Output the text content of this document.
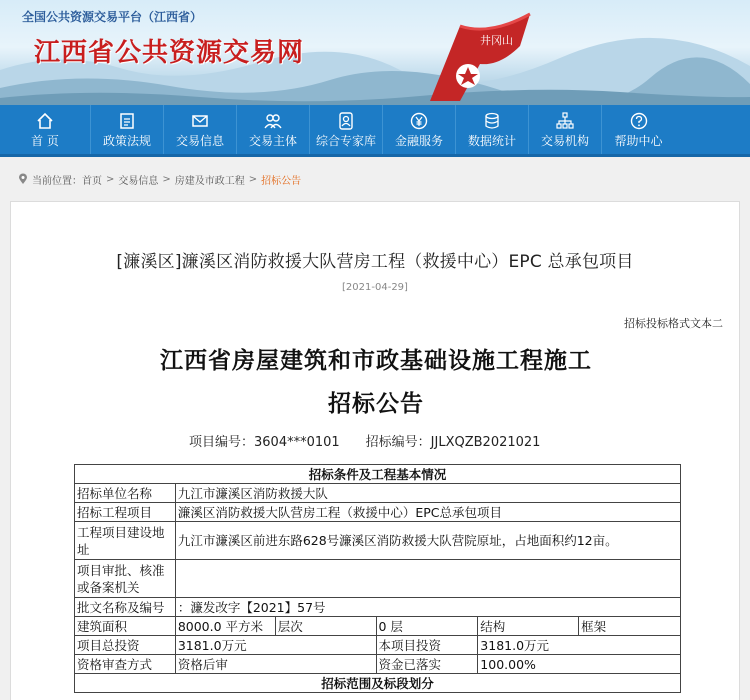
全国公共资源交易平台（江西省）
江西省公共资源交易网	井冈山
首 页	政策法规 交易信息 交易主体 综合专家库 金融服务 数据统计 交易机构 帮助中心
当前位置： 首页 > 交易信息 > 房建及市政工程 > 招标公告
[濂溪区]濂溪区消防救援大队营房工程（救援中心）EPC 总承包项目
[2021-04-29]
招标投标格式文本二
江西省房屋建筑和市政基础设施工程施工
招标公告
项目编号：3604***0101 招标编号：JJLXQZB2021021
招标条件及工程基本情况					
招标单位名称	九江市濂溪区消防救援大队				
招标工程项目	濂溪区消防救援大队营房工程（救援中心）EPC总承包项目				
工程项目建设地址	九江市濂溪区前进东路628号濂溪区消防救援大队营院原址，占地面积约12亩。				
项目审批、核准或备案机关					
批文名称及编号	：濂发改字【2021】57号				
建筑面积	8000.0 平方米	层次	0 层	结构	框架
项目总投资	3181.0万元		本项目投资	3181.0万元	
资格审查方式	资格后审		资金已落实	100.00%	
招标范围及标段划分					
